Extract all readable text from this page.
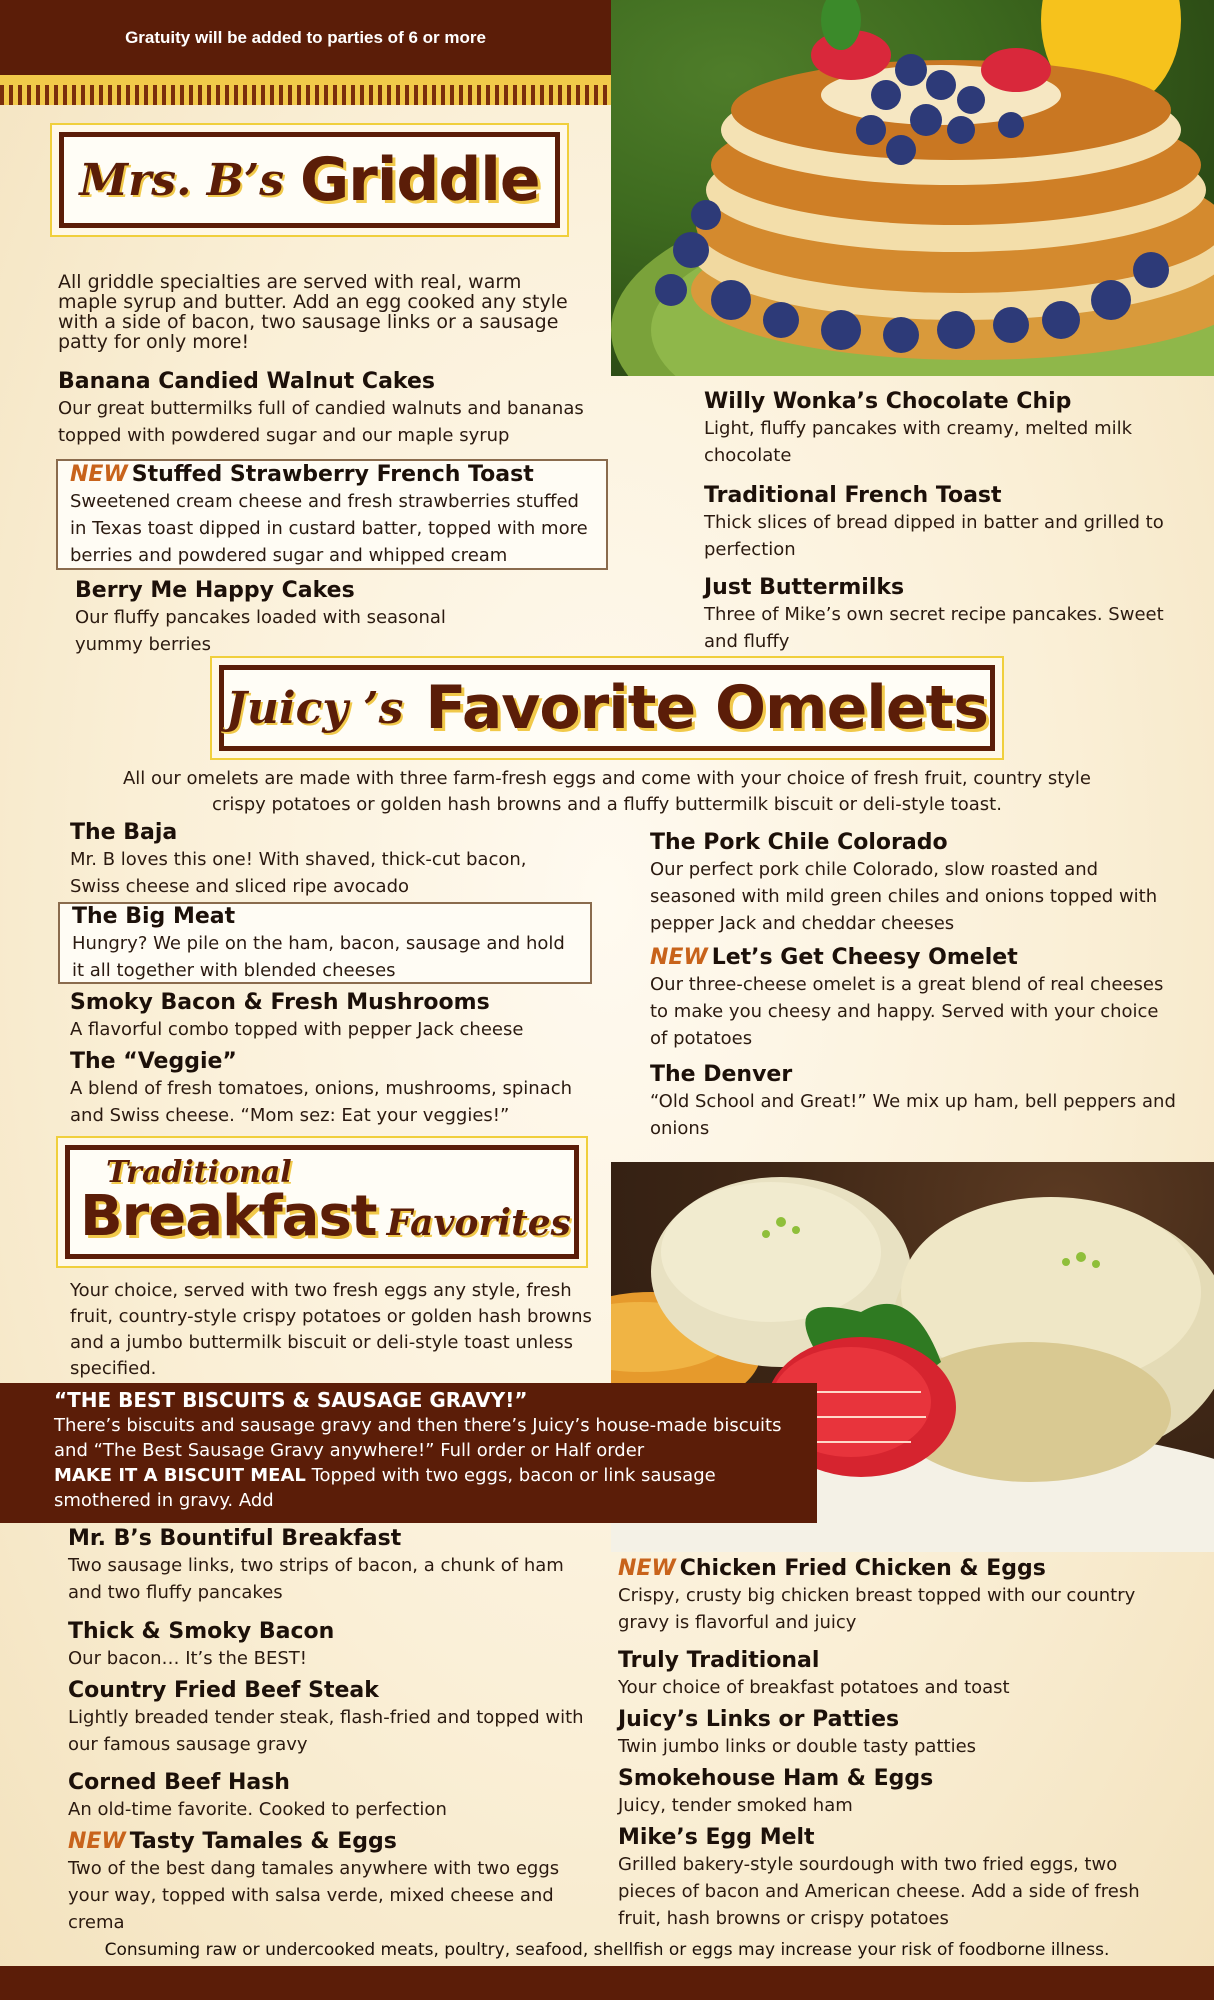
Gratuity will be added to parties of 6 or more
Mrs. B’s Griddle
All griddle specialties are served with real, warm maple syrup and butter. Add an egg cooked any style with a side of bacon, two sausage links or a sausage patty for only more!
Banana Candied Walnut Cakes
Our great buttermilks full of candied walnuts and bananas topped with powdered sugar and our maple syrup
NEW Stuffed Strawberry French Toast
Sweetened cream cheese and fresh strawberries stuffed in Texas toast dipped in custard batter, topped with more berries and powdered sugar and whipped cream
Berry Me Happy Cakes
Our fluffy pancakes loaded with seasonal yummy berries
Willy Wonka’s Chocolate Chip
Light, fluffy pancakes with creamy, melted milk chocolate
Traditional French Toast
Thick slices of bread dipped in batter and grilled to perfection
Just Buttermilks
Three of Mike’s own secret recipe pancakes. Sweet and fluffy
Juicy ’s Favorite Omelets
All our omelets are made with three farm-fresh eggs and come with your choice of fresh fruit, country style crispy potatoes or golden hash browns and a fluffy buttermilk biscuit or deli-style toast.
The Baja
Mr. B loves this one! With shaved, thick-cut bacon, Swiss cheese and sliced ripe avocado
The Big Meat
Hungry? We pile on the ham, bacon, sausage and hold it all together with blended cheeses
Smoky Bacon & Fresh Mushrooms
A flavorful combo topped with pepper Jack cheese
The “Veggie”
A blend of fresh tomatoes, onions, mushrooms, spinach and Swiss cheese. “Mom sez: Eat your veggies!”
The Pork Chile Colorado
Our perfect pork chile Colorado, slow roasted and seasoned with mild green chiles and onions topped with pepper Jack and cheddar cheeses
NEW Let’s Get Cheesy Omelet
Our three-cheese omelet is a great blend of real cheeses to make you cheesy and happy. Served with your choice of potatoes
The Denver
“Old School and Great!” We mix up ham, bell peppers and onions
Traditional
Breakfast Favorites
Your choice, served with two fresh eggs any style, fresh fruit, country-style crispy potatoes or golden hash browns and a jumbo buttermilk biscuit or deli-style toast unless specified.
“THE BEST BISCUITS & SAUSAGE GRAVY!”
There’s biscuits and sausage gravy and then there’s Juicy’s house-made biscuits and “The Best Sausage Gravy anywhere!” Full order or Half order
MAKE IT A BISCUIT MEAL Topped with two eggs, bacon or link sausage smothered in gravy. Add
Mr. B’s Bountiful Breakfast
Two sausage links, two strips of bacon, a chunk of ham and two fluffy pancakes
Thick & Smoky Bacon
Our bacon… It’s the BEST!
Country Fried Beef Steak
Lightly breaded tender steak, flash-fried and topped with our famous sausage gravy
Corned Beef Hash
An old-time favorite. Cooked to perfection
NEW Tasty Tamales & Eggs
Two of the best dang tamales anywhere with two eggs your way, topped with salsa verde, mixed cheese and crema
NEW Chicken Fried Chicken & Eggs
Crispy, crusty big chicken breast topped with our country gravy is flavorful and juicy
Truly Traditional
Your choice of breakfast potatoes and toast
Juicy’s Links or Patties
Twin jumbo links or double tasty patties
Smokehouse Ham & Eggs
Juicy, tender smoked ham
Mike’s Egg Melt
Grilled bakery-style sourdough with two fried eggs, two pieces of bacon and American cheese. Add a side of fresh fruit, hash browns or crispy potatoes
Consuming raw or undercooked meats, poultry, seafood, shellfish or eggs may increase your risk of foodborne illness.
